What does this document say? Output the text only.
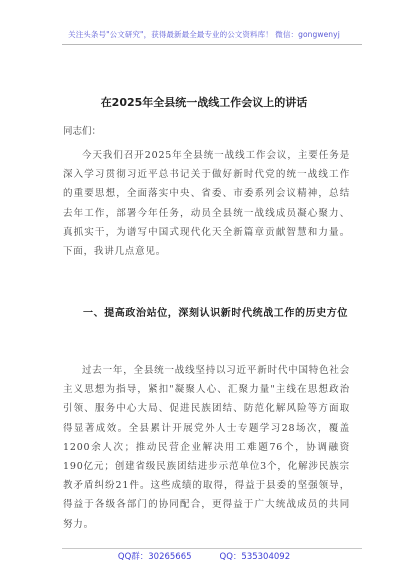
关注头条号"公文研究"，获得最新最全最专业的公文资料库！ 微信：gongwenyj
在2025年全县统一战线工作会议上的讲话
同志们：

今天我们召开2025年全县统一战线工作会议，主要任务是深入学习贯彻习近平总书记关于做好新时代党的统一战线工作的重要思想，全面落实中央、省委、市委系列会议精神，总结去年工作，部署今年任务，动员全县统一战线成员凝心聚力、真抓实干，为谱写中国式现代化天全新篇章贡献智慧和力量。下面，我讲几点意见。

一、提高政治站位，深刻认识新时代统战工作的历史方位

过去一年，全县统一战线坚持以习近平新时代中国特色社会主义思想为指导，紧扣"凝聚人心、汇聚力量"主线在思想政治引领、服务中心大局、促进民族团结、防范化解风险等方面取得显著成效。全县累计开展党外人士专题学习28场次，覆盖1200余人次；推动民营企业解决用工难题76个，协调融资190亿元；创建省级民族团结进步示范单位3个，化解涉民族宗教矛盾纠纷21件。这些成绩的取得，得益于县委的坚强领导，得益于各级各部门的协同配合，更得益于广大统战成员的共同努力。

QQ群：30265665	QQ：535304092
